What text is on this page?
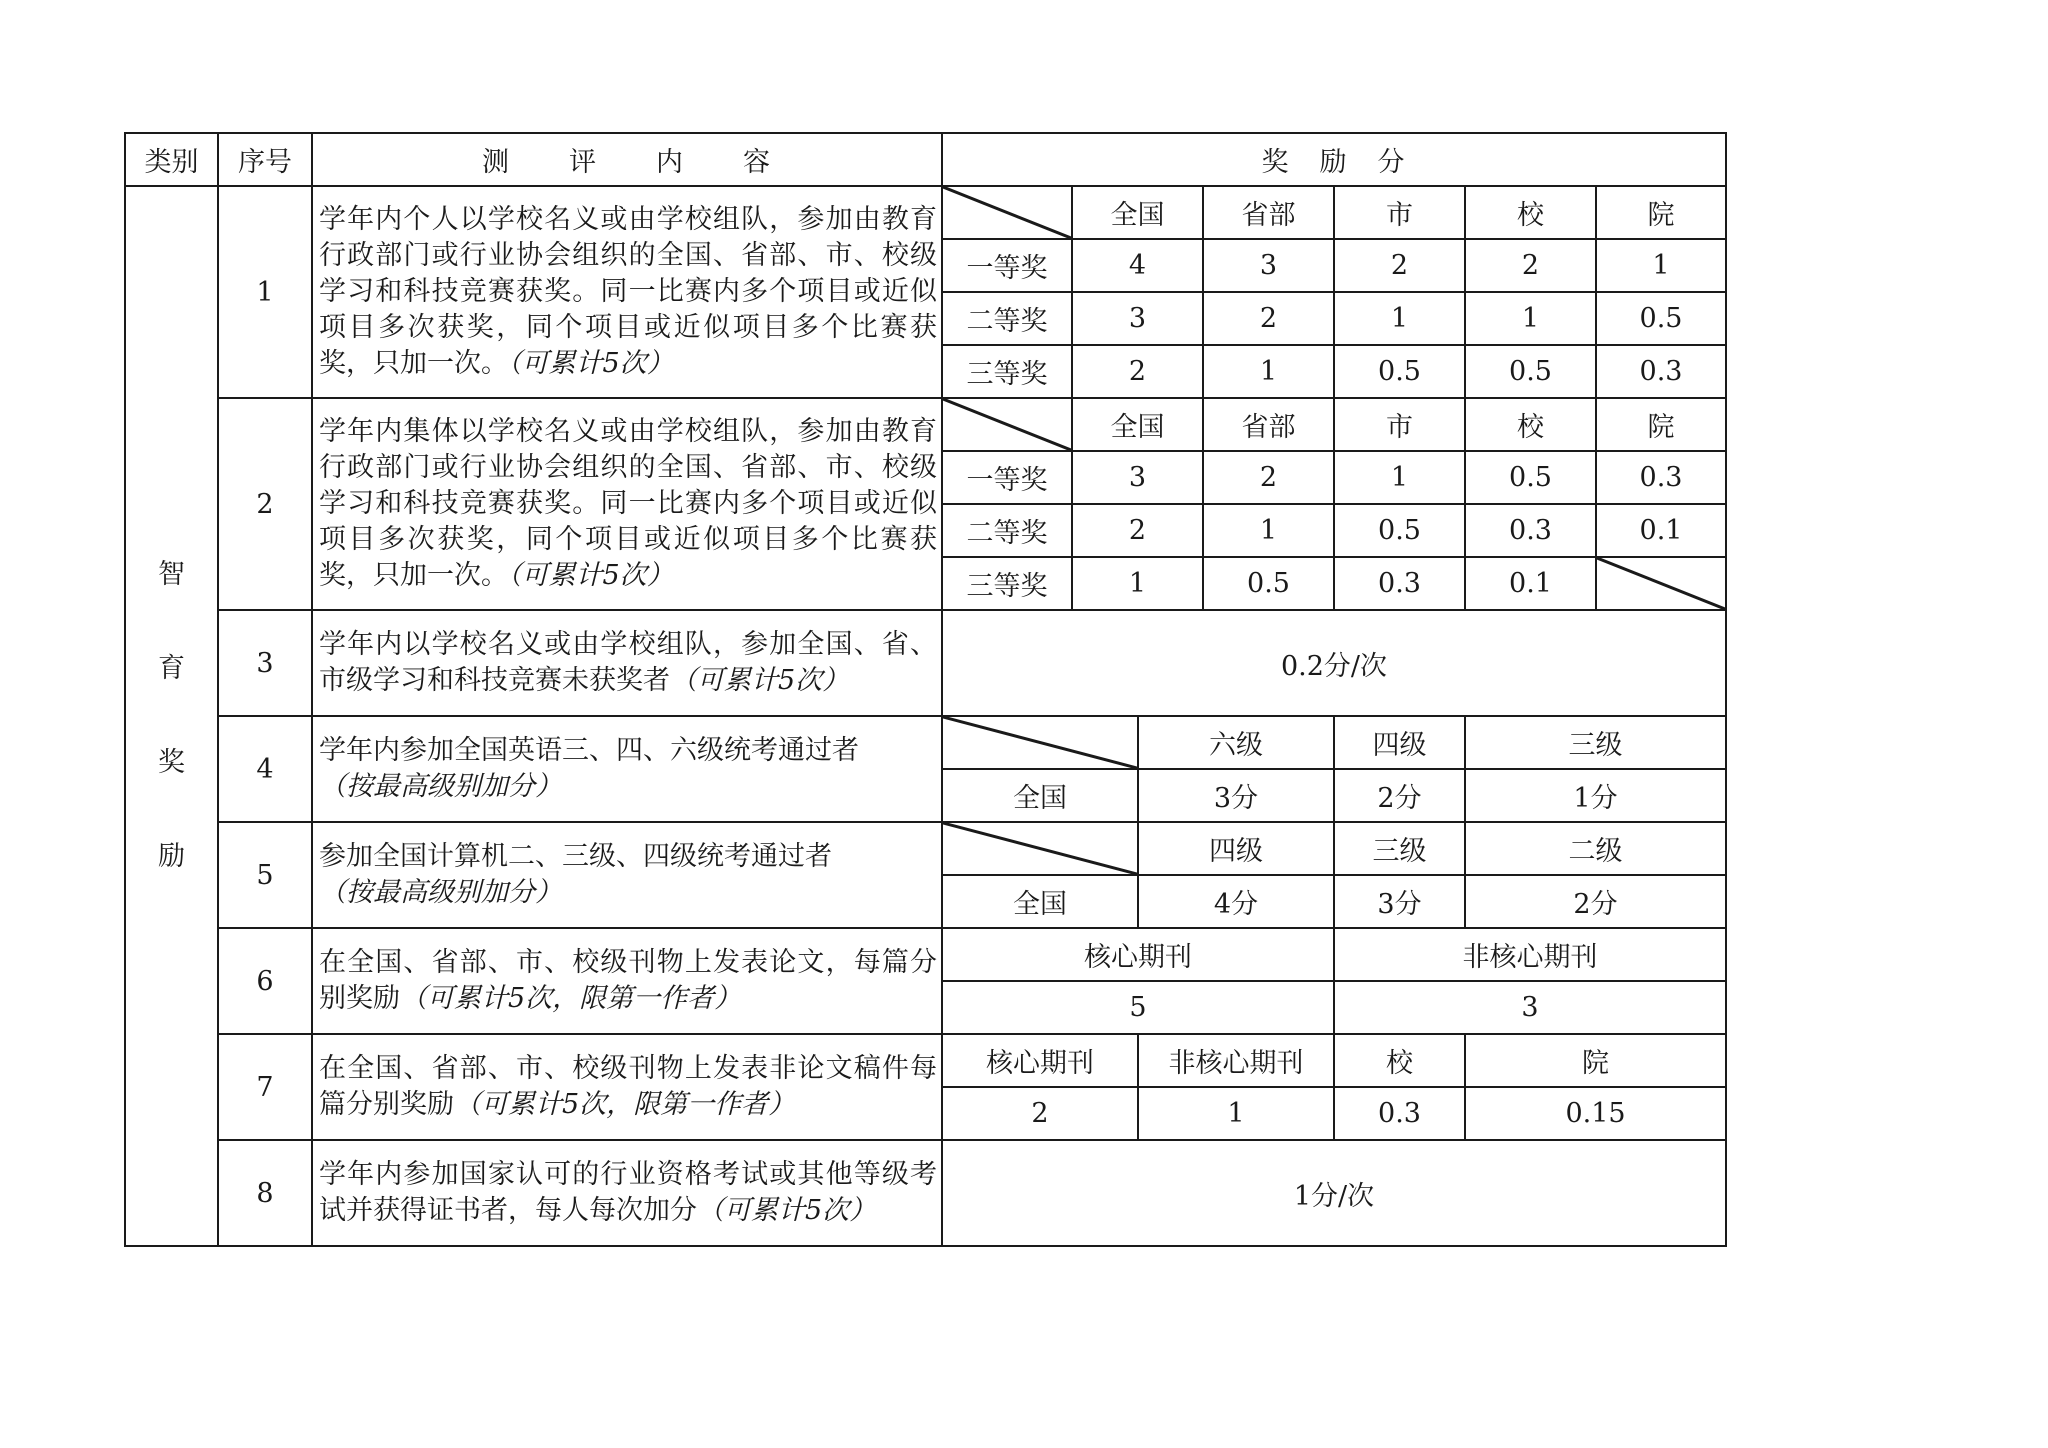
类别	序号	测　　评　　内　　容	奖　励　分						

智
育
奖
励	1	学年内个人以学校名义或由学校组队，参加由教育行政部门或行业协会组织的全国、省部、市、校级学习和科技竞赛获奖。同一比赛内多个项目或近似项目多次获奖，同个项目或近似项目多个比赛获奖，只加一次。（可累计5次）		全国		省部	市	校	院
			一等奖	4		3	2	2	1
			二等奖	3		2	1	1	0.5
			三等奖	2		1	0.5	0.5	0.3
	2	学年内集体以学校名义或由学校组队，参加由教育行政部门或行业协会组织的全国、省部、市、校级学习和科技竞赛获奖。同一比赛内多个项目或近似项目多次获奖，同个项目或近似项目多个比赛获奖，只加一次。（可累计5次）		全国		省部	市	校	院
			一等奖	3		2	1	0.5	0.3
			二等奖	2		1	0.5	0.3	0.1
			三等奖	1		0.5	0.3	0.1	
	3	学年内以学校名义或由学校组队，参加全国、省、市级学习和科技竞赛未获奖者（可累计5次）	0.2分/次						

	4	学年内参加全国英语三、四、六级统考通过者
（按最高级别加分）			六级		四级	三级	
			全国		3分		2分	1分	
	5	参加全国计算机二、三级、四级统考通过者
（按最高级别加分）			四级		三级	二级	
			全国		4分		3分	2分	
	6	在全国、省部、市、校级刊物上发表论文，每篇分别奖励（可累计5次，限第一作者）	核心期刊				非核心期刊		
			5				3		
	7	在全国、省部、市、校级刊物上发表非论文稿件每篇分别奖励（可累计5次，限第一作者）	核心期刊		非核心期刊		校	院	
			2		1		0.3	0.15	
	8	学年内参加国家认可的行业资格考试或其他等级考试并获得证书者，每人每次加分（可累计5次）	1分/次						
